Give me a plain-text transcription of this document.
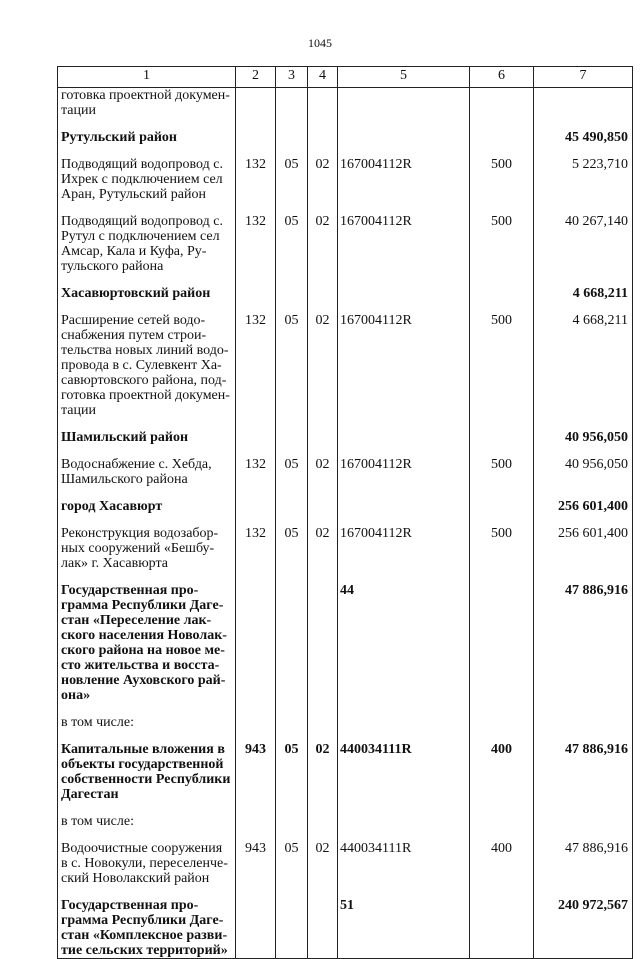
1045
1	2	3	4	5	6	7
готовка проектной докумен-тации						

Рутульский район						45 490,850

Подводящий водопровод с. Ихрек с подключением сел Аран, Рутульский район	132	05	02	167004112R	500	5 223,710

Подводящий водопровод с. Рутул с подключением сел Амсар, Кала и Куфа, Ру-тульского района	132	05	02	167004112R	500	40 267,140

Хасавюртовский район						4 668,211

Расширение сетей водо-снабжения путем строи-тельства новых линий водо-провода в с. Сулевкент Ха-савюртовского района, под-готовка проектной докумен-тации	132	05	02	167004112R	500	4 668,211

Шамильский район						40 956,050

Водоснабжение с. Хебда, Шамильского района	132	05	02	167004112R	500	40 956,050

город Хасавюрт						256 601,400

Реконструкция водозабор-ных сооружений «Бешбу-лак» г. Хасавюрта	132	05	02	167004112R	500	256 601,400

Государственная про-грамма Республики Даге-стан «Переселение лак-ского населения Новолак-ского района на новое ме-сто жительства и восста-новление Ауховского рай-она»				44		47 886,916

в том числе:						

Капитальные вложения в объекты государственной собственности Республики Дагестан	943	05	02	440034111R	400	47 886,916

в том числе:						

Водоочистные сооружения в с. Новокули, переселенче-ский Новолакский район	943	05	02	440034111R	400	47 886,916

Государственная про-грамма Республики Даге-стан «Комплексное разви-тие сельских территорий»				51		240 972,567
